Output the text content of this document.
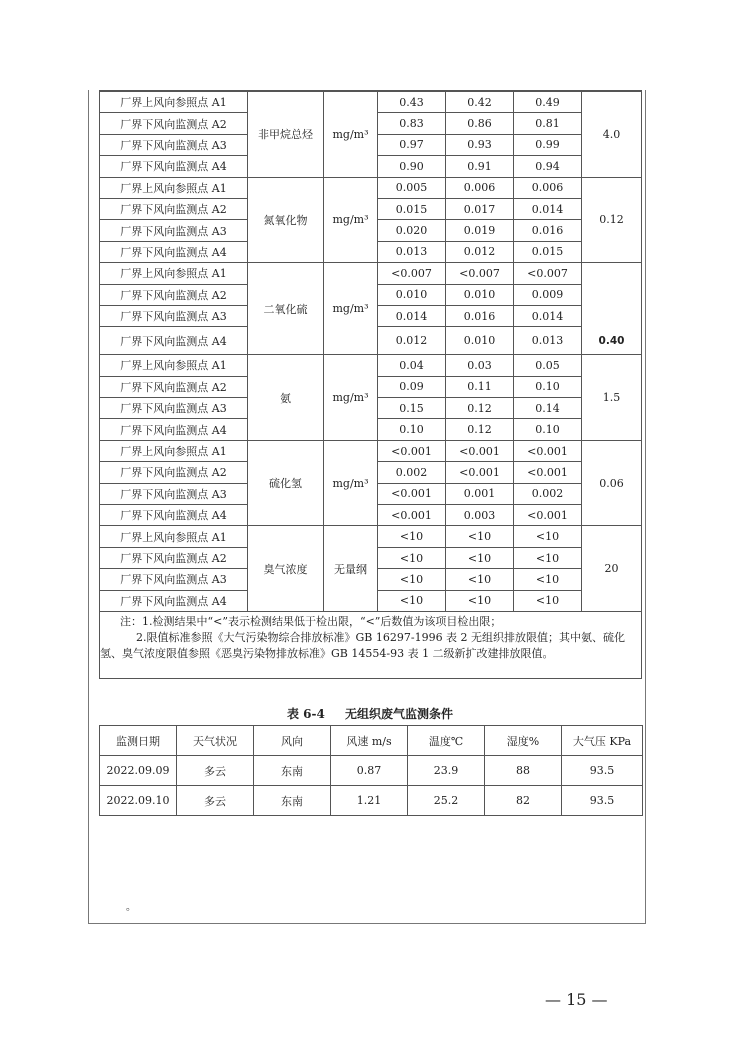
厂界上风向参照点 A1	非甲烷总烃	mg/m³	0.43	0.42	0.49	4.0
厂界下风向监测点 A2			0.83	0.86	0.81	
厂界下风向监测点 A3			0.97	0.93	0.99	
厂界下风向监测点 A4			0.90	0.91	0.94	
厂界上风向参照点 A1	氮氧化物	mg/m³	0.005	0.006	0.006	0.12
厂界下风向监测点 A2			0.015	0.017	0.014	
厂界下风向监测点 A3			0.020	0.019	0.016	
厂界下风向监测点 A4			0.013	0.012	0.015	
厂界上风向参照点 A1	二氧化硫	mg/m³	<0.007	<0.007	<0.007	
厂界下风向监测点 A2			0.010	0.010	0.009	
厂界下风向监测点 A3			0.014	0.016	0.014	
厂界下风向监测点 A4			0.012	0.010	0.013	0.40
厂界上风向参照点 A1	氨	mg/m³	0.04	0.03	0.05	1.5
厂界下风向监测点 A2			0.09	0.11	0.10	
厂界下风向监测点 A3			0.15	0.12	0.14	
厂界下风向监测点 A4			0.10	0.12	0.10	
厂界上风向参照点 A1	硫化氢	mg/m³	<0.001	<0.001	<0.001	0.06
厂界下风向监测点 A2			0.002	<0.001	<0.001	
厂界下风向监测点 A3			<0.001	0.001	0.002	
厂界下风向监测点 A4			<0.001	0.003	<0.001	
厂界上风向参照点 A1	臭气浓度	无量纲	<10	<10	<10	20
厂界下风向监测点 A2			<10	<10	<10	
厂界下风向监测点 A3			<10	<10	<10	
厂界下风向监测点 A4			<10	<10	<10	

注：1.检测结果中“<”表示检测结果低于检出限，“<”后数值为该项目检出限；
2.限值标准参照《大气污染物综合排放标准》GB 16297-1996 表 2 无组织排放限值；其中氨、硫化氢、臭气浓度限值参照《恶臭污染物排放标准》GB 14554-93 表 1 二级新扩改建排放限值。						
表 6-4 无组织废气监测条件
监测日期	天气状况	风向	风速 m/s	温度℃	湿度%	大气压 KPa
2022.09.09	多云	东南	0.87	23.9	88	93.5
2022.09.10	多云	东南	1.21	25.2	82	93.5
。
— 15 —
